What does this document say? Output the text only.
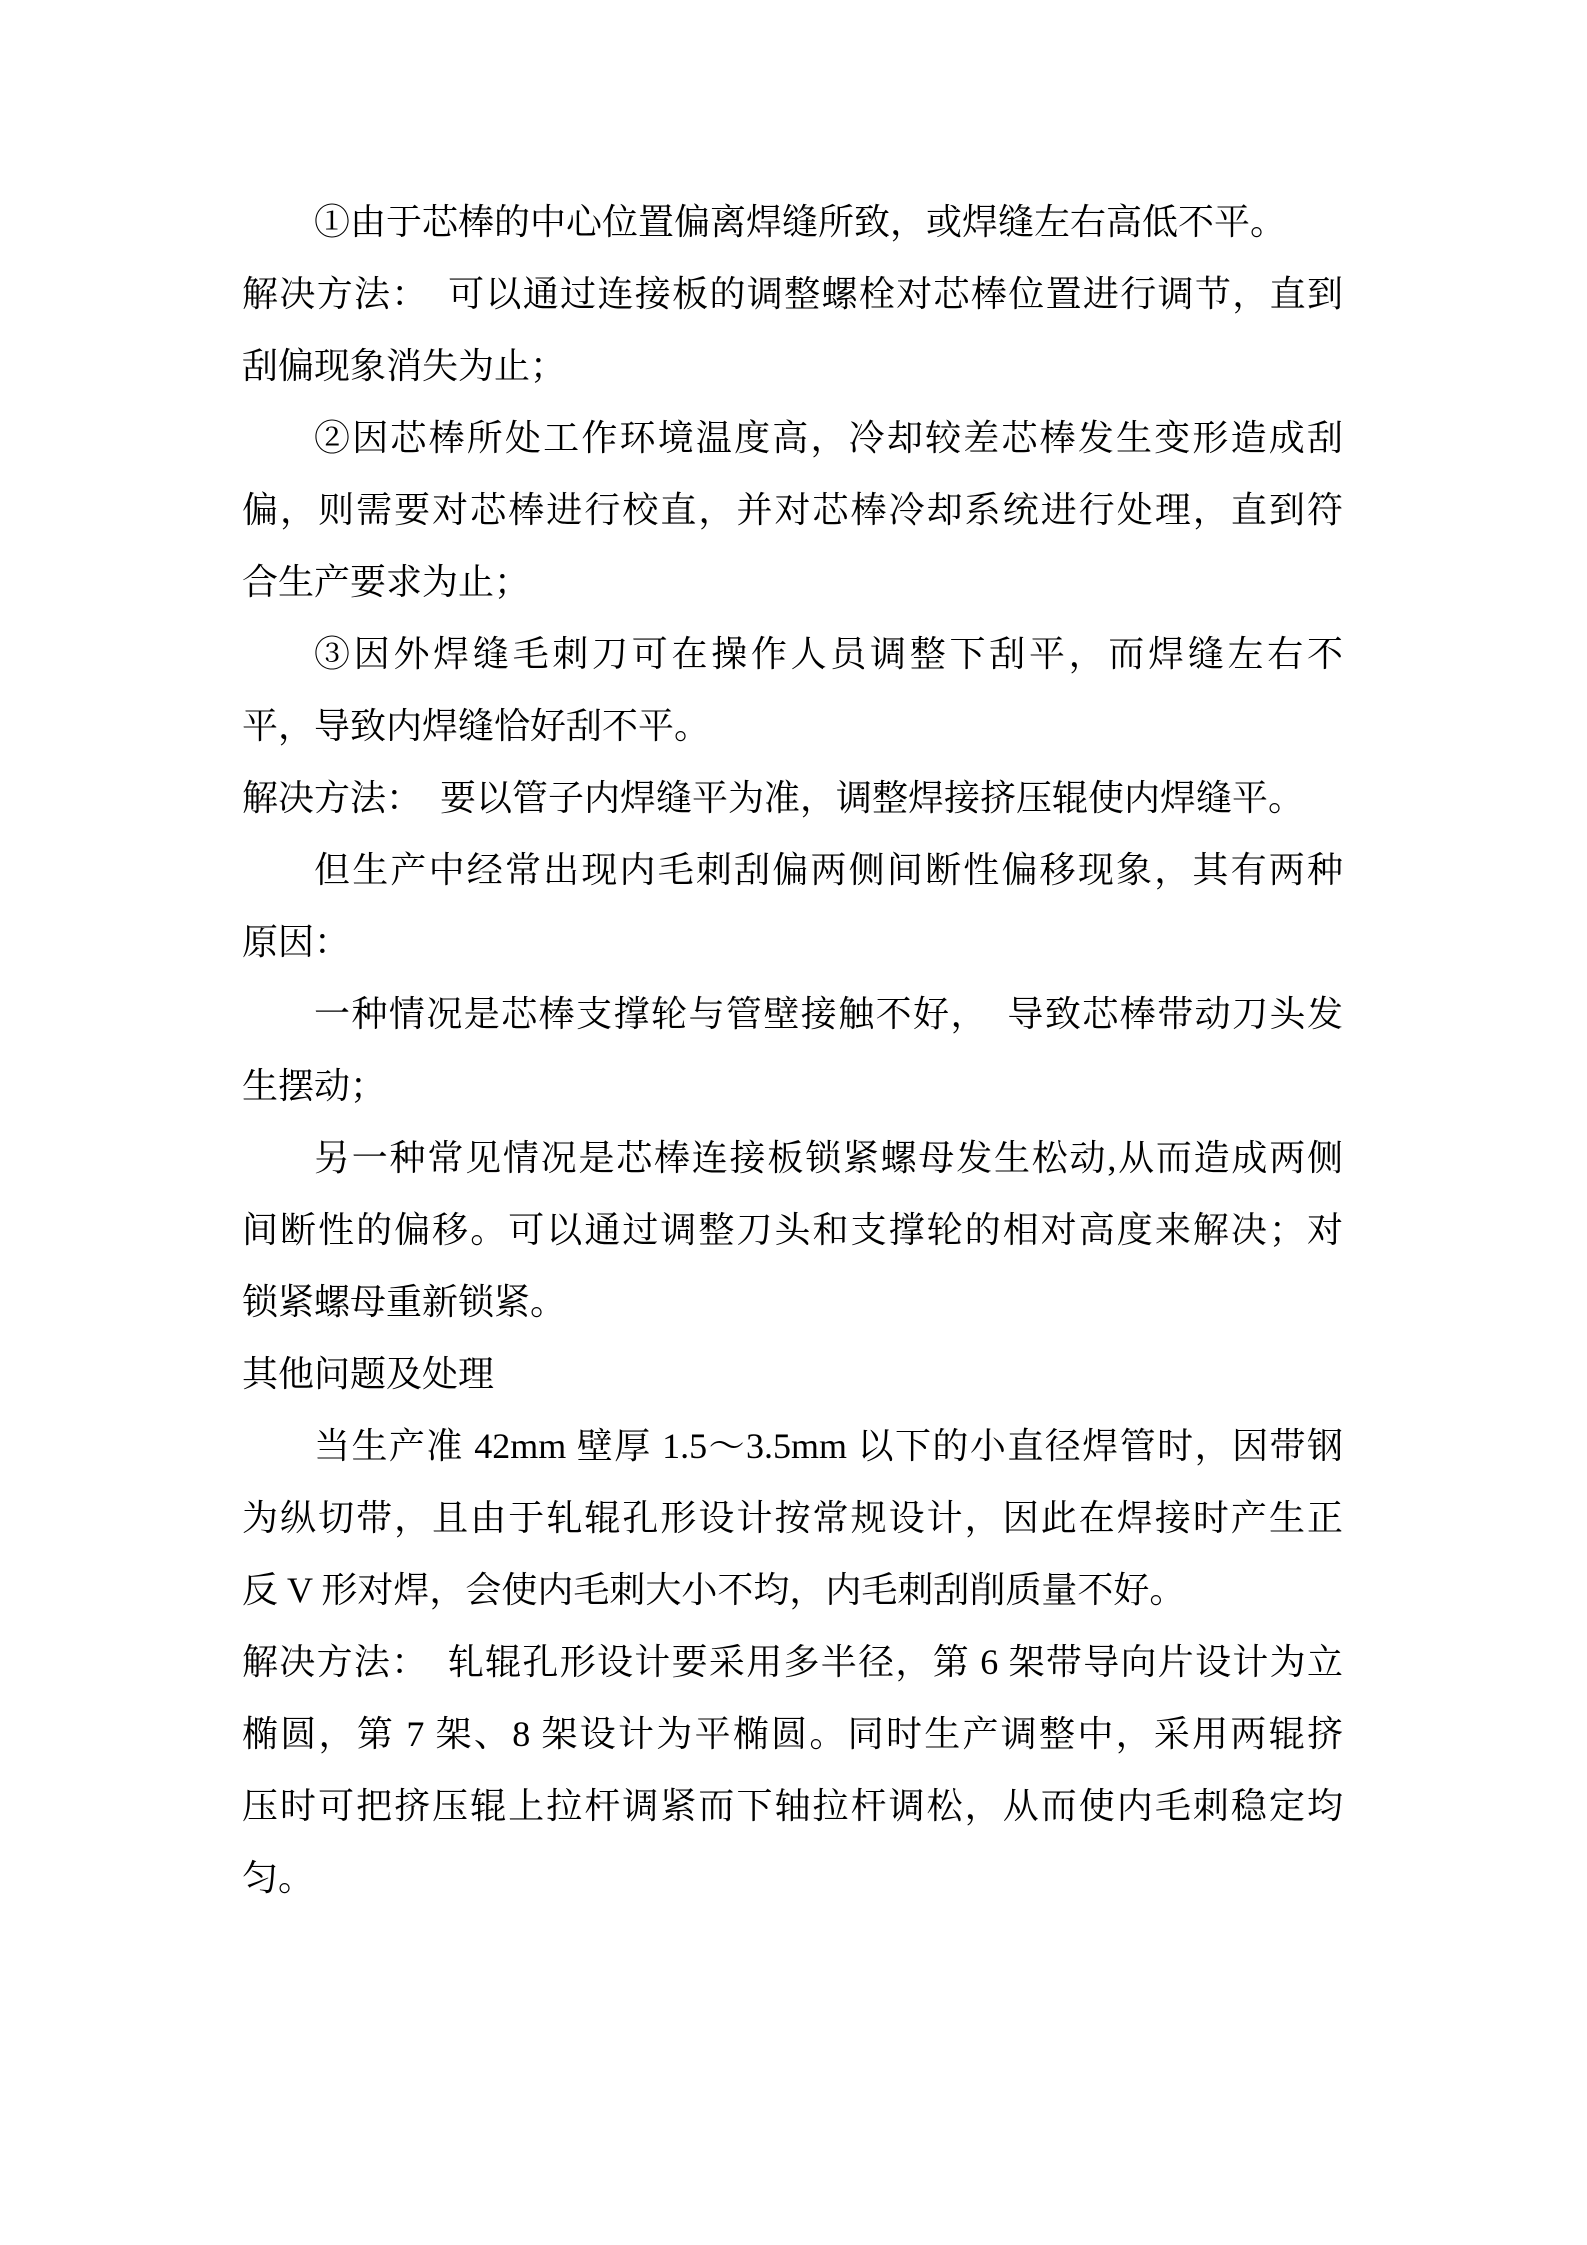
①由于芯棒的中心位置偏离焊缝所致，或焊缝左右高低不平。
解决方法：　可以通过连接板的调整螺栓对芯棒位置进行调节，直到
刮偏现象消失为止；
②因芯棒所处工作环境温度高，冷却较差芯棒发生变形造成刮
偏，则需要对芯棒进行校直，并对芯棒冷却系统进行处理，直到符
合生产要求为止；
③因外焊缝毛刺刀可在操作人员调整下刮平，而焊缝左右不
平，导致内焊缝恰好刮不平。
解决方法：　要以管子内焊缝平为准，调整焊接挤压辊使内焊缝平。
但生产中经常出现内毛刺刮偏两侧间断性偏移现象，其有两种
原因：
一种情况是芯棒支撑轮与管壁接触不好，　导致芯棒带动刀头发
生摆动；
另一种常见情况是芯棒连接板锁紧螺母发生松动,从而造成两侧
间断性的偏移。可以通过调整刀头和支撑轮的相对高度来解决；对
锁紧螺母重新锁紧。
其他问题及处理
当生产准 42mm 壁厚 1.5～3.5mm 以下的小直径焊管时，因带钢
为纵切带，且由于轧辊孔形设计按常规设计，因此在焊接时产生正
反 V 形对焊，会使内毛刺大小不均，内毛刺刮削质量不好。
解决方法：　轧辊孔形设计要采用多半径，第 6 架带导向片设计为立
椭圆，第 7 架、8 架设计为平椭圆。同时生产调整中，采用两辊挤
压时可把挤压辊上拉杆调紧而下轴拉杆调松，从而使内毛刺稳定均
匀。
